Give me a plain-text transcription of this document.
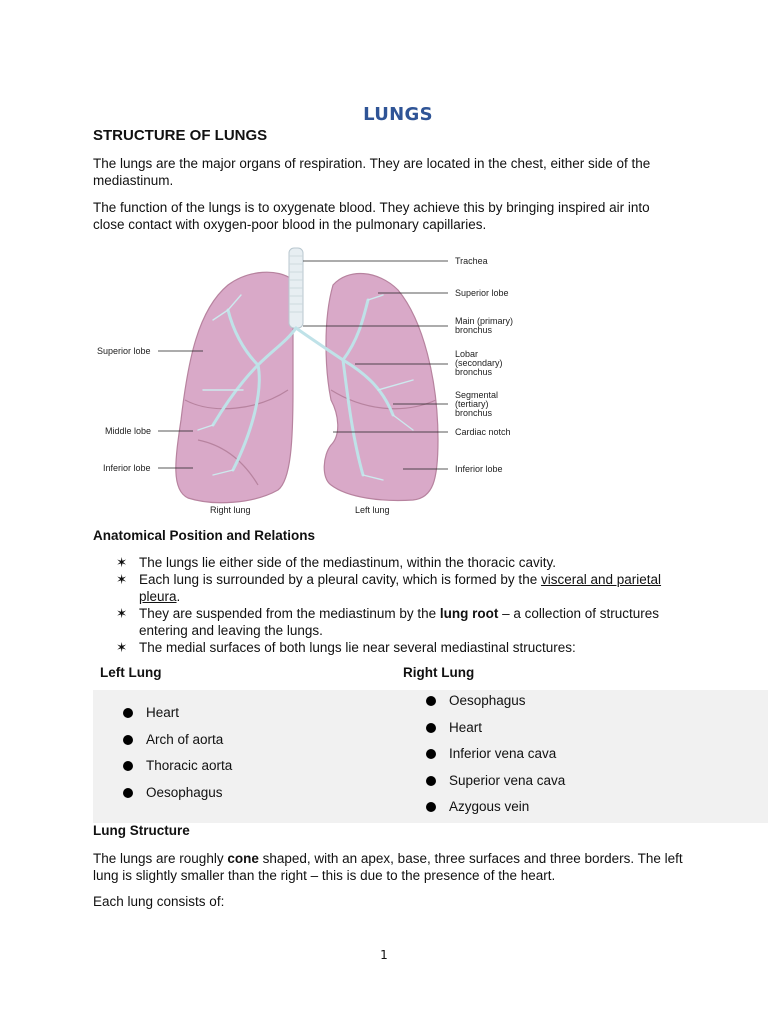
LUNGS
STRUCTURE OF LUNGS
The lungs are the major organs of respiration. They are located in the chest, either side of the mediastinum.
The function of the lungs is to oxygenate blood. They achieve this by bringing inspired air into close contact with oxygen-poor blood in the pulmonary capillaries.
Trachea
Superior lobe
Main (primary)
bronchus
Lobar
(secondary)
bronchus
Segmental
(tertiary)
bronchus
Cardiac notch
Inferior lobe
Superior lobe
Middle lobe
Inferior lobe
Right lung	Left lung
Anatomical Position and Relations
✶ The lungs lie either side of the mediastinum, within the thoracic cavity.
✶ Each lung is surrounded by a pleural cavity, which is formed by the visceral and parietal pleura.
✶ They are suspended from the mediastinum by the lung root – a collection of structures entering and leaving the lungs.
✶ The medial surfaces of both lungs lie near several mediastinal structures:
Left Lung	Right Lung
Heart
Arch of aorta
Thoracic aorta
Oesophagus
Oesophagus
Heart
Inferior vena cava
Superior vena cava
Azygous vein
Lung Structure
The lungs are roughly cone shaped, with an apex, base, three surfaces and three borders. The left lung is slightly smaller than the right – this is due to the presence of the heart.
Each lung consists of:
1
